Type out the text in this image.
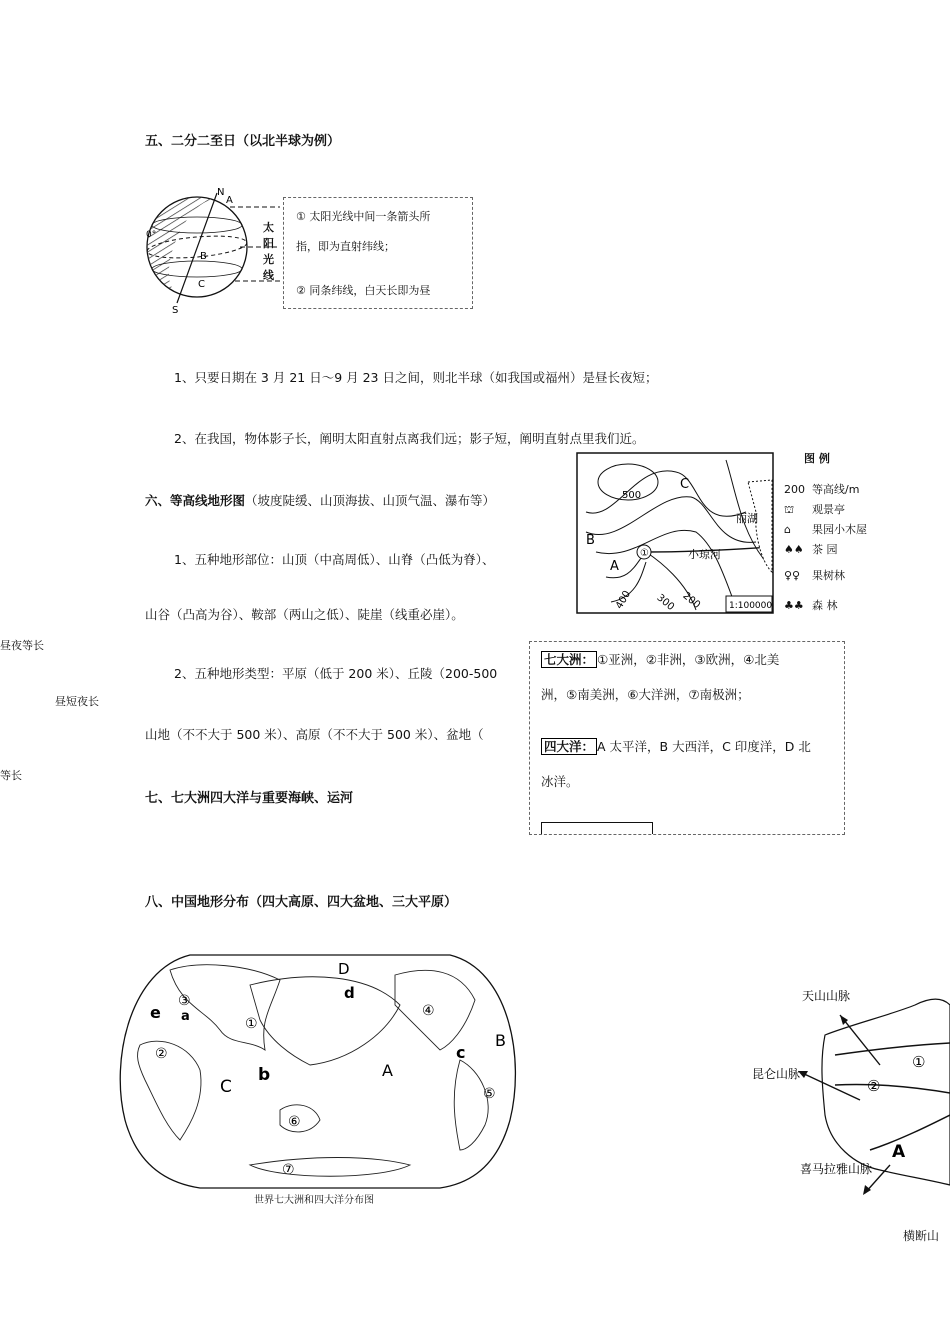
五、二分二至日（以北半球为例）
N
A
B
C
S
0°
太
阳
光
线
① 太阳光线中间一条箭头所
指，即为直射纬线；
② 同条纬线，白天长即为昼
1、只要日期在 3 月 21 日～9 月 23 日之间，则北半球（如我国或福州）是昼长夜短；
2、在我国，物体影子长，阐明太阳直射点离我们远；影子短，阐明直射点里我们近。
六、等高线地形图（坡度陡缓、山顶海拔、山顶气温、瀑布等）
1、五种地形部位：山顶（中高周低）、山脊（凸低为脊）、
山谷（凸高为谷）、鞍部（两山之低）、陡崖（线重必崖）。
2、五种地形类型：平原（低于 200 米）、丘陵（200-500
山地（不不大于 500 米）、高原（不不大于 500 米）、盆地（
昼夜等长
昼短夜长
等长
500
C
B
A
①
400 300 200
丽湖
小琼河
1:100000
图 例
200 等高线/m
⛫ 观景亭
⌂ 果园小木屋
♠♠ 茶 园
♀♀ 果树林
♣♣ 森 林
七大洲： ①亚洲，②非洲，③欧洲，④北美
洲，⑤南美洲，⑥大洋洲，⑦南极洲；
四大洋： A 太平洋，B 大西洋，C 印度洋，D 北
冰洋。
七、七大洲四大洋与重要海峡、运河
八、中国地形分布（四大高原、四大盆地、三大平原）
D
d
③
a
e
①
④
B
②
C
b	A
c
⑥
⑤
⑦
世界七大洲和四大洋分布图
天山山脉
昆仑山脉
喜马拉雅山脉
①
②
A
横断山
